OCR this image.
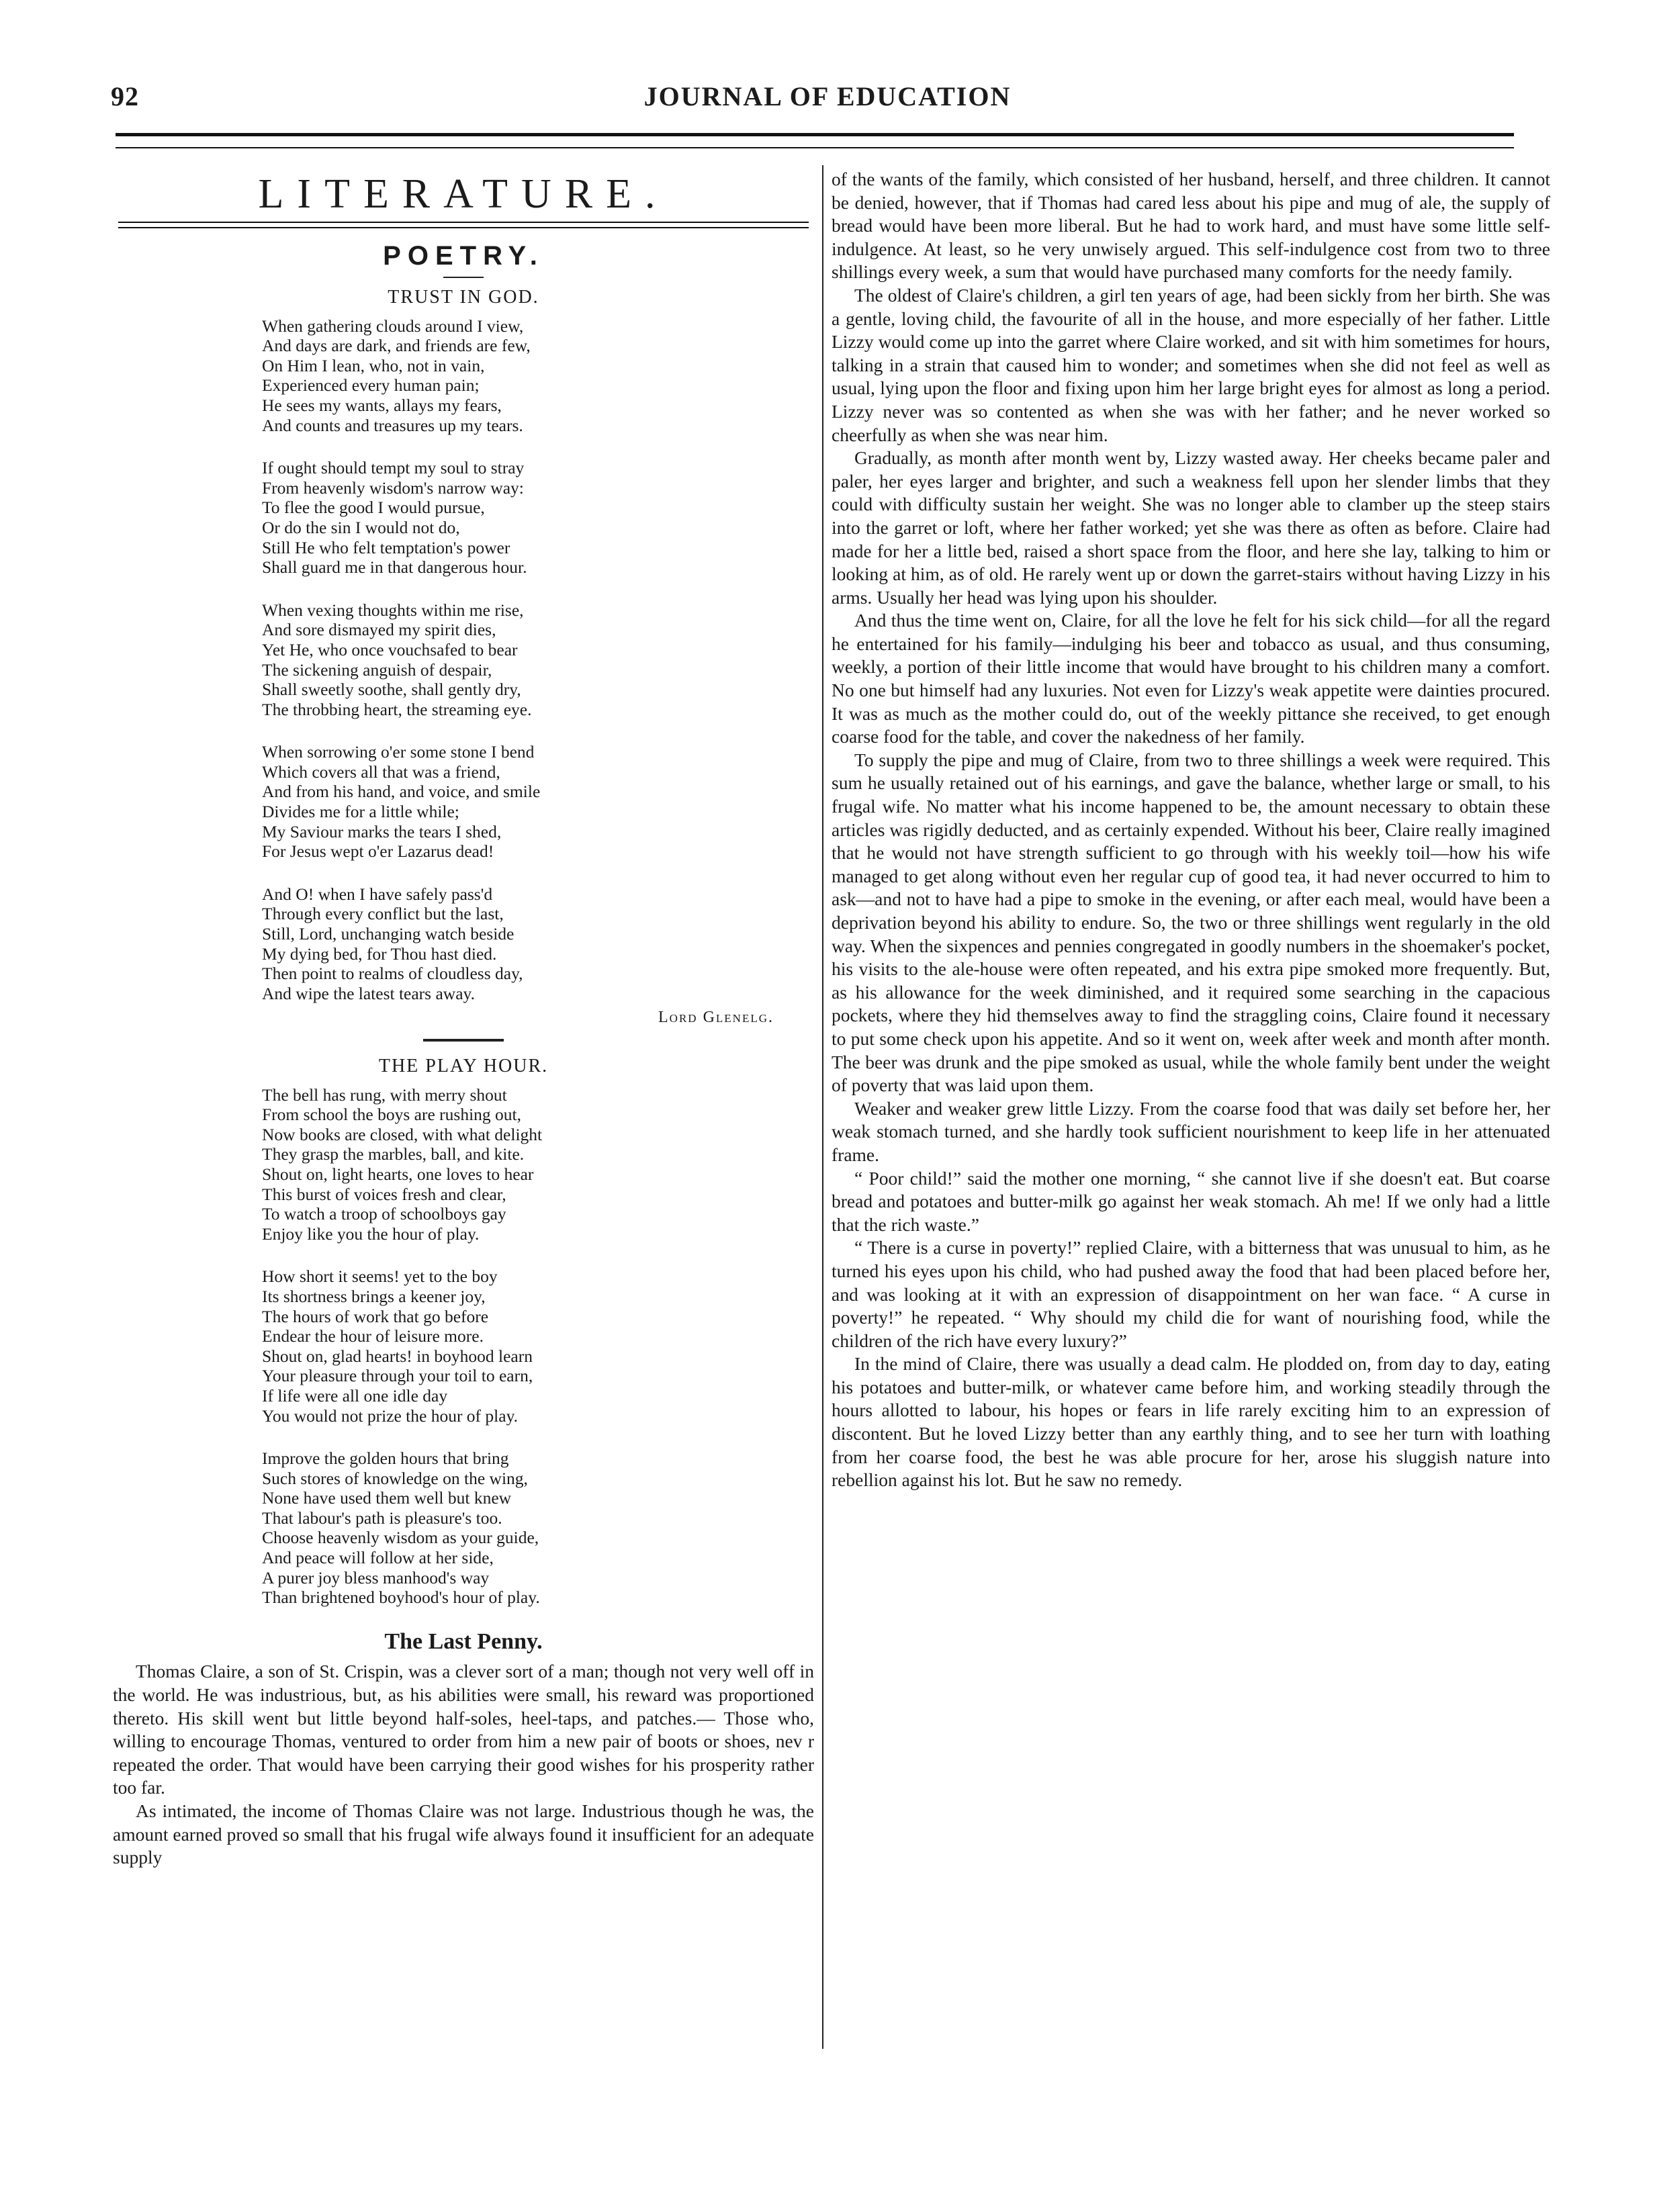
92	JOURNAL OF EDUCATION
LITERATURE.
POETRY.
TRUST IN GOD.
When gathering clouds around I view,
And days are dark, and friends are few,
On Him I lean, who, not in vain,
Experienced every human pain;
He sees my wants, allays my fears,
And counts and treasures up my tears.
If ought should tempt my soul to stray
From heavenly wisdom's narrow way:
To flee the good I would pursue,
Or do the sin I would not do,
Still He who felt temptation's power
Shall guard me in that dangerous hour.
When vexing thoughts within me rise,
And sore dismayed my spirit dies,
Yet He, who once vouchsafed to bear
The sickening anguish of despair,
Shall sweetly soothe, shall gently dry,
The throbbing heart, the streaming eye.
When sorrowing o'er some stone I bend
Which covers all that was a friend,
And from his hand, and voice, and smile
Divides me for a little while;
My Saviour marks the tears I shed,
For Jesus wept o'er Lazarus dead!
And O! when I have safely pass'd
Through every conflict but the last,
Still, Lord, unchanging watch beside
My dying bed, for Thou hast died.
Then point to realms of cloudless day,
And wipe the latest tears away.
Lord Glenelg.
THE PLAY HOUR.
The bell has rung, with merry shout
From school the boys are rushing out,
Now books are closed, with what delight
They grasp the marbles, ball, and kite.
Shout on, light hearts, one loves to hear
This burst of voices fresh and clear,
To watch a troop of schoolboys gay
Enjoy like you the hour of play.
How short it seems! yet to the boy
Its shortness brings a keener joy,
The hours of work that go before
Endear the hour of leisure more.
Shout on, glad hearts! in boyhood learn
Your pleasure through your toil to earn,
If life were all one idle day
You would not prize the hour of play.
Improve the golden hours that bring
Such stores of knowledge on the wing,
None have used them well but knew
That labour's path is pleasure's too.
Choose heavenly wisdom as your guide,
And peace will follow at her side,
A purer joy bless manhood's way
Than brightened boyhood's hour of play.
The Last Penny.

Thomas Claire, a son of St. Crispin, was a clever sort of a man; though not very well off in the world. He was industrious, but, as his abilities were small, his reward was proportioned thereto. His skill went but little beyond half-soles, heel-taps, and patches.— Those who, willing to encourage Thomas, ventured to order from him a new pair of boots or shoes, nev r repeated the order. That would have been carrying their good wishes for his prosperity rather too far.

As intimated, the income of Thomas Claire was not large. Industrious though he was, the amount earned proved so small that his frugal wife always found it insufficient for an adequate supply

of the wants of the family, which consisted of her husband, herself, and three children. It cannot be denied, however, that if Thomas had cared less about his pipe and mug of ale, the supply of bread would have been more liberal. But he had to work hard, and must have some little self-indulgence. At least, so he very unwisely argued. This self-indulgence cost from two to three shillings every week, a sum that would have purchased many comforts for the needy family.

The oldest of Claire's children, a girl ten years of age, had been sickly from her birth. She was a gentle, loving child, the favourite of all in the house, and more especially of her father. Little Lizzy would come up into the garret where Claire worked, and sit with him sometimes for hours, talking in a strain that caused him to wonder; and sometimes when she did not feel as well as usual, lying upon the floor and fixing upon him her large bright eyes for almost as long a period. Lizzy never was so contented as when she was with her father; and he never worked so cheerfully as when she was near him.

Gradually, as month after month went by, Lizzy wasted away. Her cheeks became paler and paler, her eyes larger and brighter, and such a weakness fell upon her slender limbs that they could with difficulty sustain her weight. She was no longer able to clamber up the steep stairs into the garret or loft, where her father worked; yet she was there as often as before. Claire had made for her a little bed, raised a short space from the floor, and here she lay, talking to him or looking at him, as of old. He rarely went up or down the garret-stairs without having Lizzy in his arms. Usually her head was lying upon his shoulder.

And thus the time went on, Claire, for all the love he felt for his sick child—for all the regard he entertained for his family—indulging his beer and tobacco as usual, and thus consuming, weekly, a portion of their little income that would have brought to his children many a comfort. No one but himself had any luxuries. Not even for Lizzy's weak appetite were dainties procured. It was as much as the mother could do, out of the weekly pittance she received, to get enough coarse food for the table, and cover the nakedness of her family.

To supply the pipe and mug of Claire, from two to three shillings a week were required. This sum he usually retained out of his earnings, and gave the balance, whether large or small, to his frugal wife. No matter what his income happened to be, the amount necessary to obtain these articles was rigidly deducted, and as certainly expended. Without his beer, Claire really imagined that he would not have strength sufficient to go through with his weekly toil—how his wife managed to get along without even her regular cup of good tea, it had never occurred to him to ask—and not to have had a pipe to smoke in the evening, or after each meal, would have been a deprivation beyond his ability to endure. So, the two or three shillings went regularly in the old way. When the sixpences and pennies congregated in goodly numbers in the shoemaker's pocket, his visits to the ale-house were often repeated, and his extra pipe smoked more frequently. But, as his allowance for the week diminished, and it required some searching in the capacious pockets, where they hid themselves away to find the straggling coins, Claire found it necessary to put some check upon his appetite. And so it went on, week after week and month after month. The beer was drunk and the pipe smoked as usual, while the whole family bent under the weight of poverty that was laid upon them.

Weaker and weaker grew little Lizzy. From the coarse food that was daily set before her, her weak stomach turned, and she hardly took sufficient nourishment to keep life in her attenuated frame.

“ Poor child!” said the mother one morning, “ she cannot live if she doesn't eat. But coarse bread and potatoes and butter-milk go against her weak stomach. Ah me! If we only had a little that the rich waste.”

“ There is a curse in poverty!” replied Claire, with a bitterness that was unusual to him, as he turned his eyes upon his child, who had pushed away the food that had been placed before her, and was looking at it with an expression of disappointment on her wan face. “ A curse in poverty!” he repeated. “ Why should my child die for want of nourishing food, while the children of the rich have every luxury?”

In the mind of Claire, there was usually a dead calm. He plodded on, from day to day, eating his potatoes and butter-milk, or whatever came before him, and working steadily through the hours allotted to labour, his hopes or fears in life rarely exciting him to an expression of discontent. But he loved Lizzy better than any earthly thing, and to see her turn with loathing from her coarse food, the best he was able procure for her, arose his sluggish nature into rebellion against his lot. But he saw no remedy.
